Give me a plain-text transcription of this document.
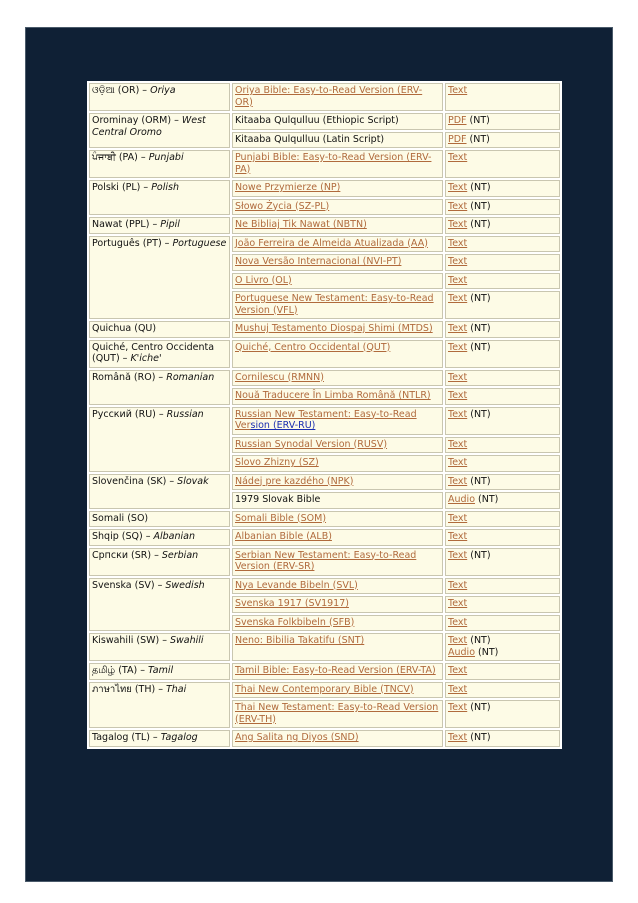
ଓଡ଼ିଆ (OR) – Oriya	Oriya Bible: Easy-to-Read Version (ERV-OR)	Text

Orominay (ORM) – West Central Oromo	Kitaaba Qulqulluu (Ethiopic Script)	PDF (NT)

	Kitaaba Qulqulluu (Latin Script)	PDF (NT)

ਪੰਜਾਬੀ (PA) – Punjabi	Punjabi Bible: Easy-to-Read Version (ERV-PA)	Text

Polski (PL) – Polish	Nowe Przymierze (NP)	Text (NT)

	Słowo Życia (SZ-PL)	Text (NT)

Nawat (PPL) – Pipil	Ne Bibliaj Tik Nawat (NBTN)	Text (NT)

Português (PT) – Portuguese	João Ferreira de Almeida Atualizada (AA)	Text

	Nova Versão Internacional (NVI-PT)	Text

	O Livro (OL)	Text

	Portuguese New Testament: Easy-to-Read Version (VFL)	Text (NT)

Quichua (QU)	Mushuj Testamento Diospaj Shimi (MTDS)	Text (NT)

Quiché, Centro Occidenta (QUT) – K'iche'	Quiché, Centro Occidental (QUT)	Text (NT)

Română (RO) – Romanian	Cornilescu (RMNN)	Text

	Nouă Traducere În Limba Română (NTLR)	Text

Русский (RU) – Russian	Russian New Testament: Easy-to-Read Version (ERV-RU)	Text (NT)

	Russian Synodal Version (RUSV)	Text

	Slovo Zhizny (SZ)	Text

Slovenčina (SK) – Slovak	Nádej pre kazdého (NPK)	Text (NT)

	1979 Slovak Bible	Audio (NT)

Somali (SO)	Somali Bible (SOM)	Text

Shqip (SQ) – Albanian	Albanian Bible (ALB)	Text

Српски (SR) – Serbian	Serbian New Testament: Easy-to-Read Version (ERV-SR)	Text (NT)

Svenska (SV) – Swedish	Nya Levande Bibeln (SVL)	Text

	Svenska 1917 (SV1917)	Text

	Svenska Folkbibeln (SFB)	Text

Kiswahili (SW) – Swahili	Neno: Bibilia Takatifu (SNT)	Text (NT)
Audio (NT)

தமிழ் (TA) – Tamil	Tamil Bible: Easy-to-Read Version (ERV-TA)	Text

ภาษาไทย (TH) – Thai	Thai New Contemporary Bible (TNCV)	Text

	Thai New Testament: Easy-to-Read Version (ERV-TH)	Text (NT)

Tagalog (TL) – Tagalog	Ang Salita ng Diyos (SND)	Text (NT)
